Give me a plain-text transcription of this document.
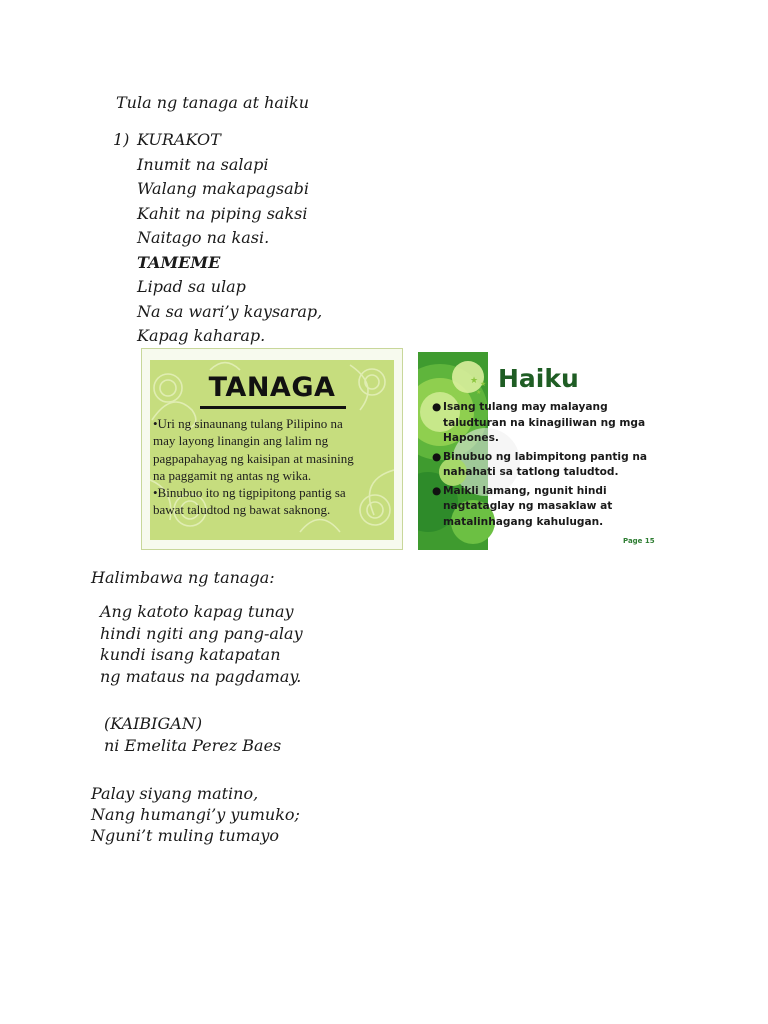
Tula ng tanaga at haiku
1) KURAKOT
Inumit na salapi
Walang makapagsabi
Kahit na piping saksi
Naitago na kasi.
TAMEME
Lipad sa ulap
Na sa wari’y kaysarap,
Kapag kaharap.
TANAGA
•Uri ng sinaunang tulang Pilipino na
may layong linangin ang lalim ng
pagpapahayag ng kaisipan at masining
na paggamit ng antas ng wika.
•Binubuo ito ng tigpipitong pantig sa
bawat taludtod ng bawat saknong.
★ ★
★ Haiku
● Isang tulang may malayang
taludturan na kinagiliwan ng mga
Hapones.
● Binubuo ng labimpitong pantig na
nahahati sa tatlong taludtod.
● Maikli lamang, ngunit hindi
nagtataglay ng masaklaw at
matalinhagang kahulugan.
Page 15
Halimbawa ng tanaga:
Ang katoto kapag tunay
hindi ngiti ang pang-alay
kundi isang katapatan
ng mataus na pagdamay.
(KAIBIGAN)
ni Emelita Perez Baes
Palay siyang matino,
Nang humangi’y yumuko;
Nguni’t muling tumayo
